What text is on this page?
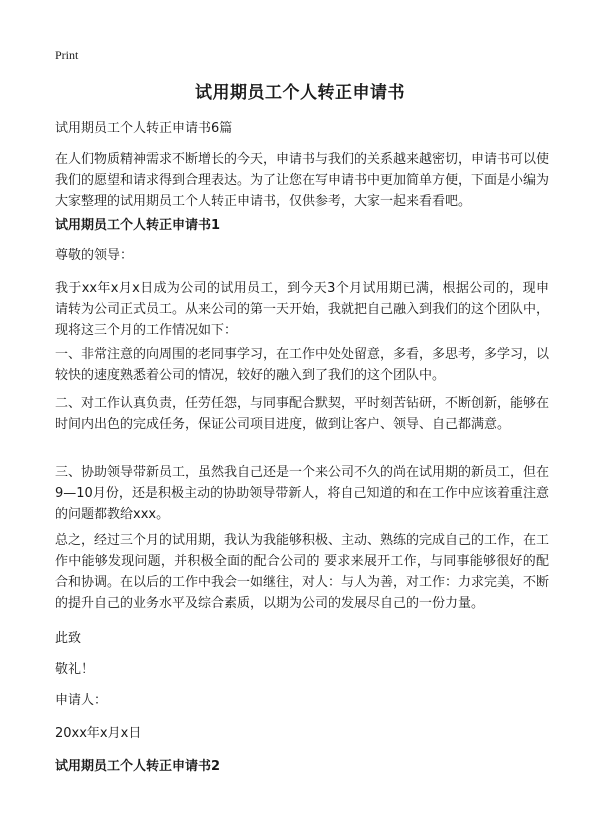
Print
试用期员工个人转正申请书

试用期员工个人转正申请书6篇

在人们物质精神需求不断增长的今天，申请书与我们的关系越来越密切，申请书可以使我们的愿望和请求得到合理表达。为了让您在写申请书中更加简单方便，下面是小编为大家整理的试用期员工个人转正申请书，仅供参考，大家一起来看看吧。

试用期员工个人转正申请书1

尊敬的领导：

我于xx年x月x日成为公司的试用员工，到今天3个月试用期已满，根据公司的，现申请转为公司正式员工。从来公司的第一天开始，我就把自己融入到我们的这个团队中，现将这三个月的工作情况如下：

一、非常注意的向周围的老同事学习，在工作中处处留意，多看，多思考，多学习，以较快的速度熟悉着公司的情况，较好的融入到了我们的这个团队中。

二、对工作认真负责，任劳任怨，与同事配合默契，平时刻苦钻研，不断创新，能够在时间内出色的完成任务，保证公司项目进度，做到让客户、领导、自己都满意。

三、协助领导带新员工，虽然我自己还是一个来公司不久的尚在试用期的新员工，但在9—10月份，还是积极主动的协助领导带新人，将自己知道的和在工作中应该着重注意的问题都教给xxx。

总之，经过三个月的试用期，我认为我能够积极、主动、熟练的完成自己的工作，在工作中能够发现问题，并积极全面的配合公司的 要求来展开工作，与同事能够很好的配合和协调。在以后的工作中我会一如继往，对人：与人为善，对工作：力求完美，不断的提升自己的业务水平及综合素质，以期为公司的发展尽自己的一份力量。

此致

敬礼！

申请人：

20xx年x月x日

试用期员工个人转正申请书2
